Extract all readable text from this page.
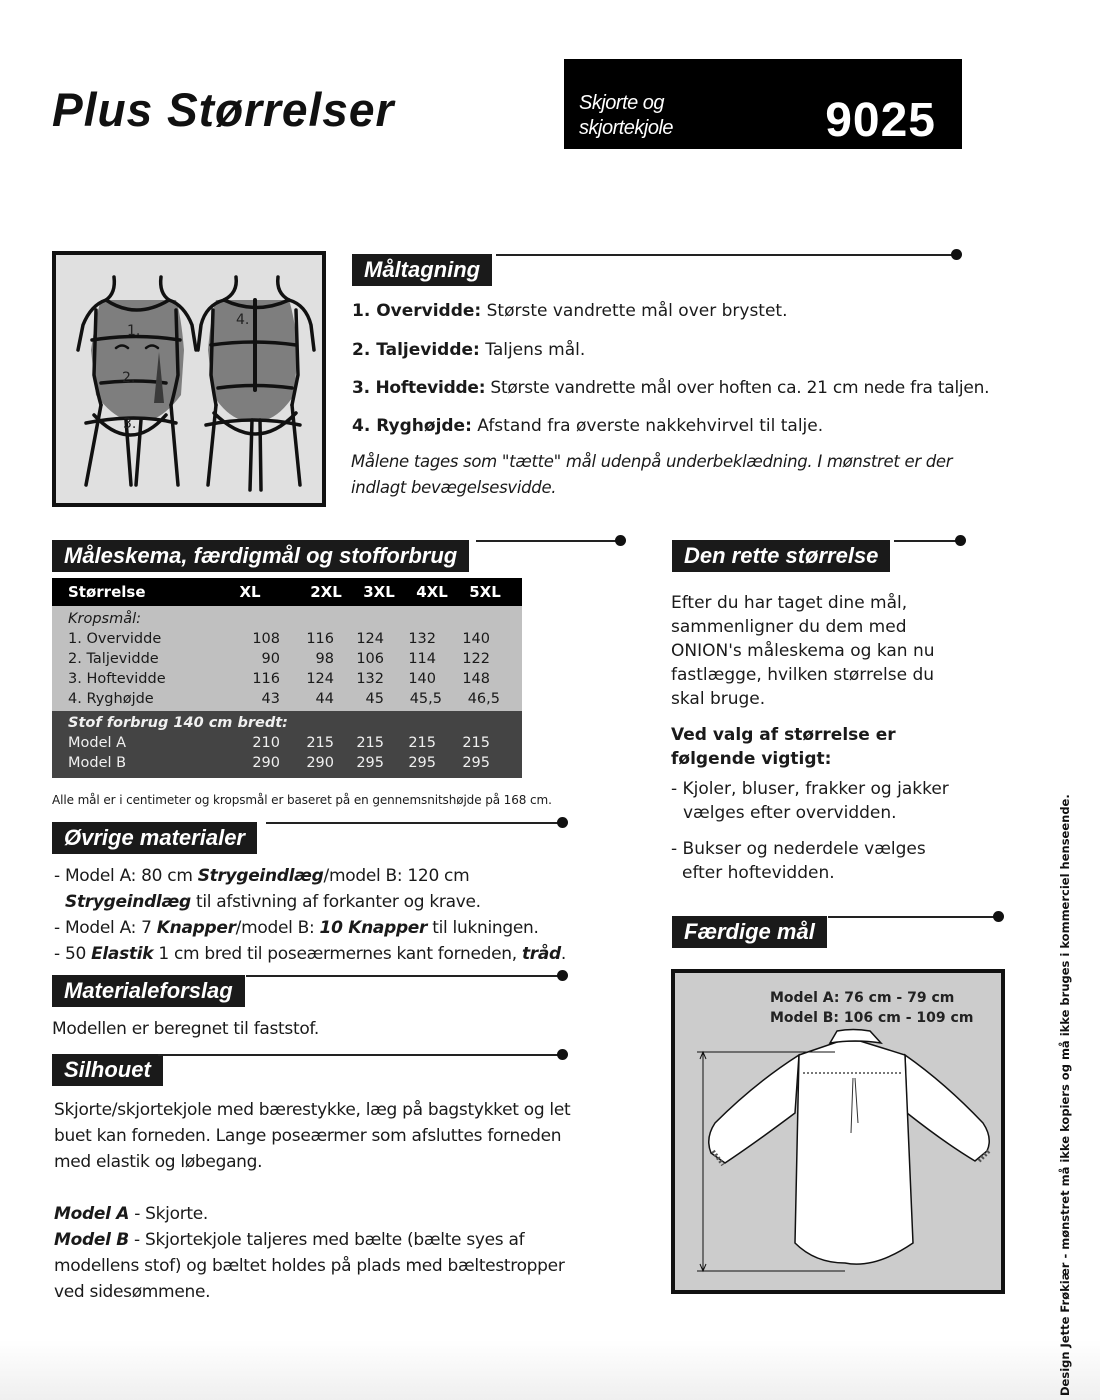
Plus Størrelser	Skjorte og
skjortekjole	9025
1.
2.
3.
4.
Måltagning
1. Overvidde: Største vandrette mål over brystet.
2. Taljevidde: Taljens mål.
3. Hoftevidde: Største vandrette mål over hoften ca. 21 cm nede fra taljen.
4. Ryghøjde: Afstand fra øverste nakkehvirvel til talje.
Målene tages som "tætte" mål udenpå underbeklædning. I mønstret er der
indlagt bevægelsesvidde.
Måleskema, færdigmål og stofforbrug
Størrelse	XL	2XL 3XL 4XL 5XL
Kropsmål:
1. Overvidde	108	116	124	132	140
2. Taljevidde	90	98	106	114	122
3. Hoftevidde	116	124	132	140	148
4. Ryghøjde	43	44	45	45,5	46,5
Stof forbrug 140 cm bredt:
Model A	210	215	215	215	215
Model B	290	290	295	295	295
Alle mål er i centimeter og kropsmål er baseret på en gennemsnitshøjde på 168 cm.
Øvrige materialer
- Model A: 80 cm Strygeindlæg/model B: 120 cm
Strygeindlæg til afstivning af forkanter og krave.
- Model A: 7 Knapper/model B: 10 Knapper til lukningen.
- 50 Elastik 1 cm bred til poseærmernes kant forneden, tråd.
Materialeforslag
Modellen er beregnet til faststof.
Silhouet
Skjorte/skjortekjole med bærestykke, læg på bagstykket og let
buet kan forneden. Lange poseærmer som afsluttes forneden
med elastik og løbegang.
Model A - Skjorte.
Model B - Skjortekjole taljeres med bælte (bælte syes af
modellens stof) og bæltet holdes på plads med bæltestropper
ved sidesømmene.
Den rette størrelse
Efter du har taget dine mål,
sammenligner du dem med
ONION's måleskema og kan nu
fastlægge, hvilken størrelse du
skal bruge.
Ved valg af størrelse er
følgende vigtigt:
- Kjoler, bluser, frakker og jakker
vælges efter overvidden.
- Bukser og nederdele vælges
efter hoftevidden.
Færdige mål
Model A: 76 cm - 79 cm
Model B: 106 cm - 109 cm	Design Jette Frøkiær - mønstret må ikke kopiers og må ikke bruges i kommerciel henseende.
